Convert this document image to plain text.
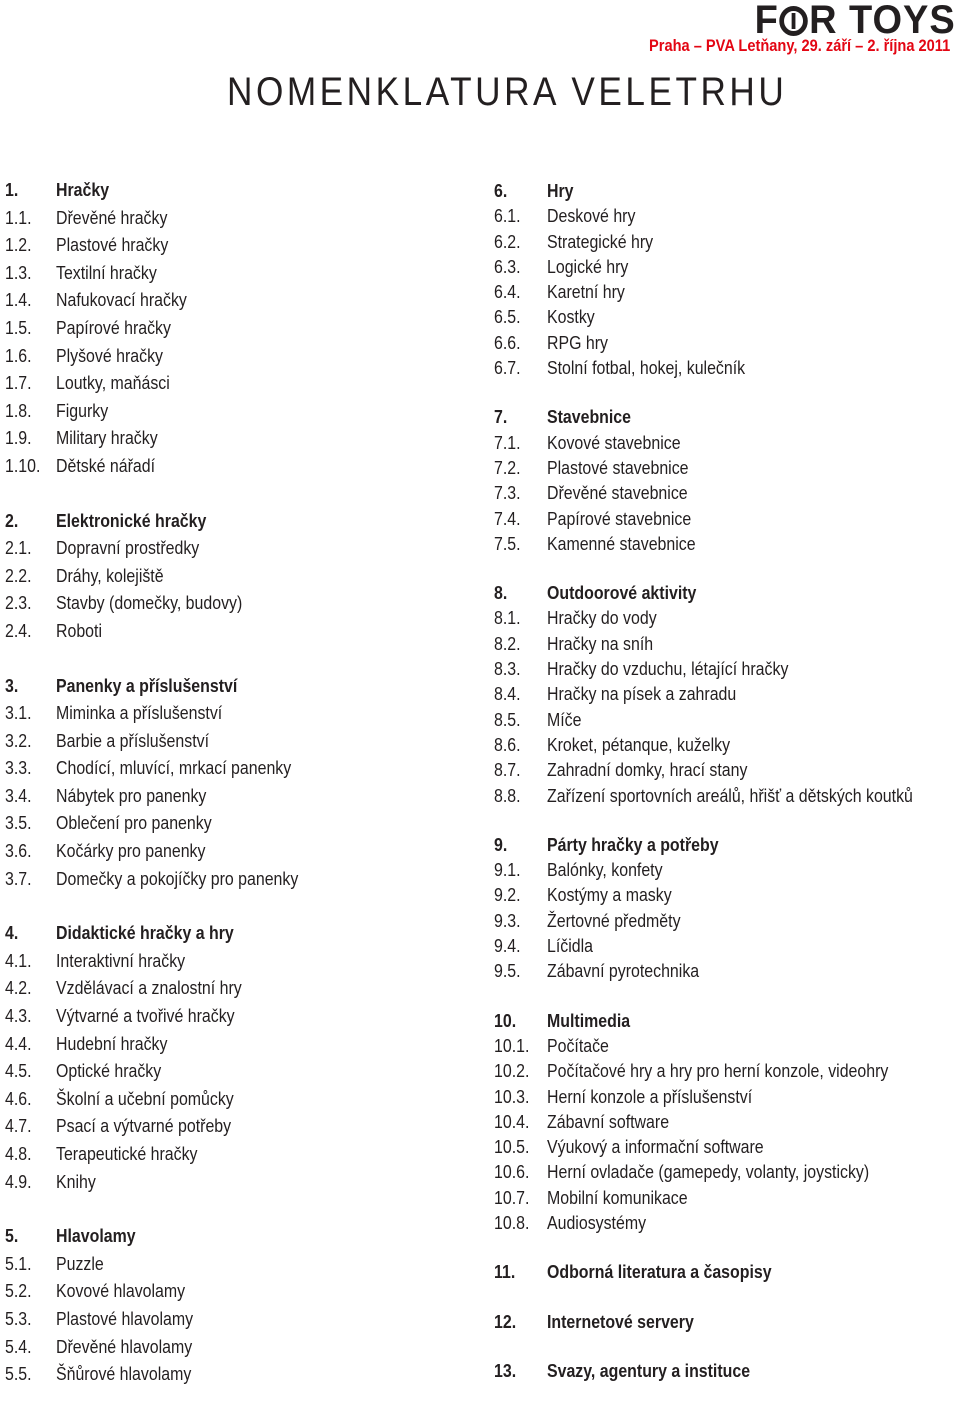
F R TOYS
Praha – PVA Letňany, 29. září – 2. října 2011
NOMENKLATURA VELETRHU
1. Hračky
1.1. Dřevěné hračky
1.2. Plastové hračky
1.3. Textilní hračky
1.4. Nafukovací hračky
1.5. Papírové hračky
1.6. Plyšové hračky
1.7. Loutky, maňásci
1.8. Figurky
1.9. Military hračky
1.10. Dětské nářadí
2. Elektronické hračky
2.1. Dopravní prostředky
2.2. Dráhy, kolejiště
2.3. Stavby (domečky, budovy)
2.4. Roboti
3. Panenky a příslušenství
3.1. Miminka a příslušenství
3.2. Barbie a příslušenství
3.3. Chodící, mluvící, mrkací panenky
3.4. Nábytek pro panenky
3.5. Oblečení pro panenky
3.6. Kočárky pro panenky
3.7. Domečky a pokojíčky pro panenky
4. Didaktické hračky a hry
4.1. Interaktivní hračky
4.2. Vzdělávací a znalostní hry
4.3. Výtvarné a tvořivé hračky
4.4. Hudební hračky
4.5. Optické hračky
4.6. Školní a učební pomůcky
4.7. Psací a výtvarné potřeby
4.8. Terapeutické hračky
4.9. Knihy
5. Hlavolamy
5.1. Puzzle
5.2. Kovové hlavolamy
5.3. Plastové hlavolamy
5.4. Dřevěné hlavolamy
5.5. Šňůrové hlavolamy
6. Hry
6.1. Deskové hry
6.2. Strategické hry
6.3. Logické hry
6.4. Karetní hry
6.5. Kostky
6.6. RPG hry
6.7. Stolní fotbal, hokej, kulečník
7. Stavebnice
7.1. Kovové stavebnice
7.2. Plastové stavebnice
7.3. Dřevěné stavebnice
7.4. Papírové stavebnice
7.5. Kamenné stavebnice
8. Outdoorové aktivity
8.1. Hračky do vody
8.2. Hračky na sníh
8.3. Hračky do vzduchu, létající hračky
8.4. Hračky na písek a zahradu
8.5. Míče
8.6. Kroket, pétanque, kuželky
8.7. Zahradní domky, hrací stany
8.8. Zařízení sportovních areálů, hřišť a dětských koutků
9. Párty hračky a potřeby
9.1. Balónky, konfety
9.2. Kostýmy a masky
9.3. Žertovné předměty
9.4. Líčidla
9.5. Zábavní pyrotechnika
10. Multimedia
10.1. Počítače
10.2. Počítačové hry a hry pro herní konzole, videohry
10.3. Herní konzole a příslušenství
10.4. Zábavní software
10.5. Výukový a informační software
10.6. Herní ovladače (gamepedy, volanty, joysticky)
10.7. Mobilní komunikace
10.8. Audiosystémy
11. Odborná literatura a časopisy
12. Internetové servery
13. Svazy, agentury a instituce
